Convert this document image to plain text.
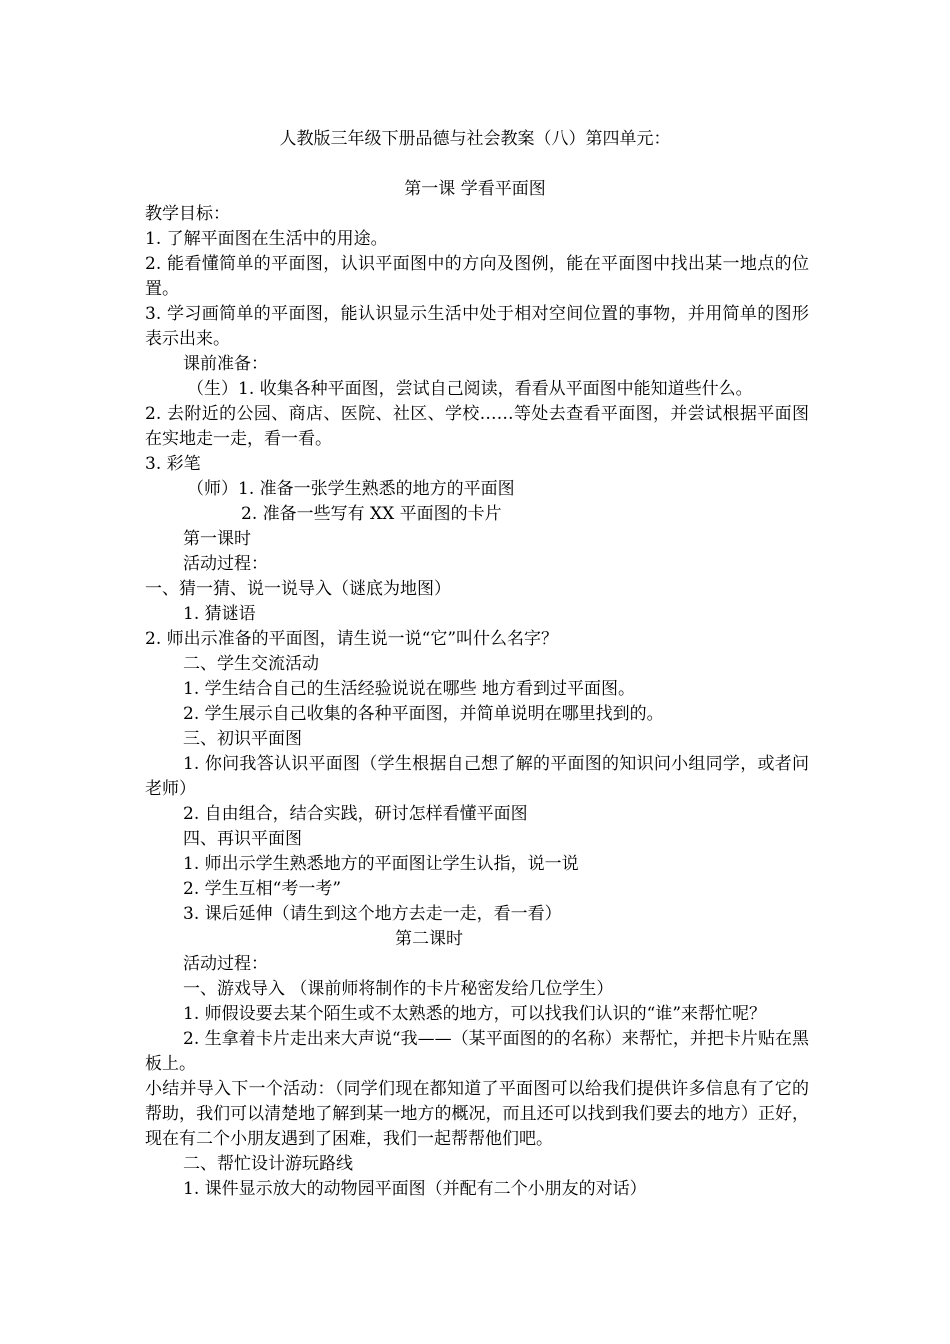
人教版三年级下册品德与社会教案（八）第四单元：
第一课 学看平面图

教学目标：

1. 了解平面图在生活中的用途。

2. 能看懂简单的平面图，认识平面图中的方向及图例，能在平面图中找出某一地点的位置。

3. 学习画简单的平面图，能认识显示生活中处于相对空间位置的事物，并用简单的图形表示出来。

课前准备：

（生）1. 收集各种平面图，尝试自己阅读，看看从平面图中能知道些什么。

2. 去附近的公园、商店、医院、社区、学校……等处去查看平面图，并尝试根据平面图在实地走一走，看一看。

3. 彩笔

（师）1. 准备一张学生熟悉的地方的平面图

2. 准备一些写有 XX 平面图的卡片

第一课时

活动过程：

一、猜一猜、说一说导入（谜底为地图）

1. 猜谜语

2. 师出示准备的平面图，请生说一说“它”叫什么名字？

二、学生交流活动

1. 学生结合自己的生活经验说说在哪些 地方看到过平面图。

2. 学生展示自己收集的各种平面图，并简单说明在哪里找到的。

三、初识平面图

1. 你问我答认识平面图（学生根据自己想了解的平面图的知识问小组同学，或者问老师）

2. 自由组合，结合实践，研讨怎样看懂平面图

四、再识平面图

1. 师出示学生熟悉地方的平面图让学生认指，说一说

2. 学生互相“考一考”

3. 课后延伸（请生到这个地方去走一走，看一看）

第二课时

活动过程：

一、游戏导入 （课前师将制作的卡片秘密发给几位学生）

1. 师假设要去某个陌生或不太熟悉的地方，可以找我们认识的“谁”来帮忙呢？

2. 生拿着卡片走出来大声说“我——（某平面图的的名称）来帮忙，并把卡片贴在黑板上。

小结并导入下一个活动：（同学们现在都知道了平面图可以给我们提供许多信息有了它的帮助，我们可以清楚地了解到某一地方的概况，而且还可以找到我们要去的地方）正好，现在有二个小朋友遇到了困难，我们一起帮帮他们吧。

二、帮忙设计游玩路线

1. 课件显示放大的动物园平面图（并配有二个小朋友的对话）
